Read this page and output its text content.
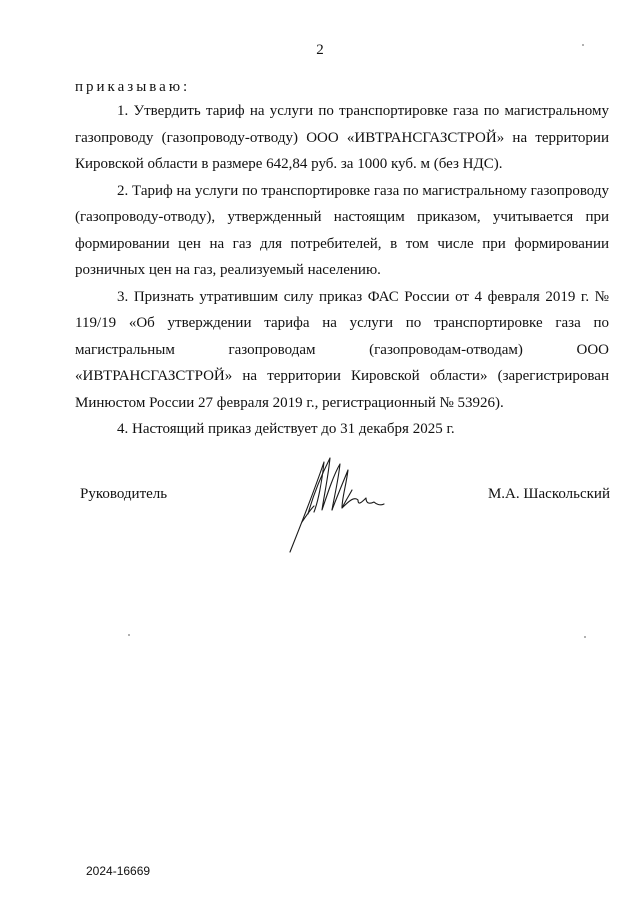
2
приказываю:

1. Утвердить тариф на услуги по транспортировке газа по магистральному газопроводу (газопроводу-отводу) ООО «ИВТРАНСГАЗСТРОЙ» на территории Кировской области в размере 642,84 руб. за 1000 куб. м (без НДС).

2. Тариф на услуги по транспортировке газа по магистральному газопроводу (газопроводу-отводу), утвержденный настоящим приказом, учитывается при формировании цен на газ для потребителей, в том числе при формировании розничных цен на газ, реализуемый населению.

3. Признать утратившим силу приказ ФАС России от 4 февраля 2019 г. № 119/19 «Об утверждении тарифа на услуги по транспортировке газа по магистральным газопроводам (газопроводам-отводам) ООО «ИВТРАНСГАЗСТРОЙ» на территории Кировской области» (зарегистрирован Минюстом России 27 февраля 2019 г., регистрационный № 53926).

4. Настоящий приказ действует до 31 декабря 2025 г.

Руководитель	М.А. Шаскольский
2024-16669
